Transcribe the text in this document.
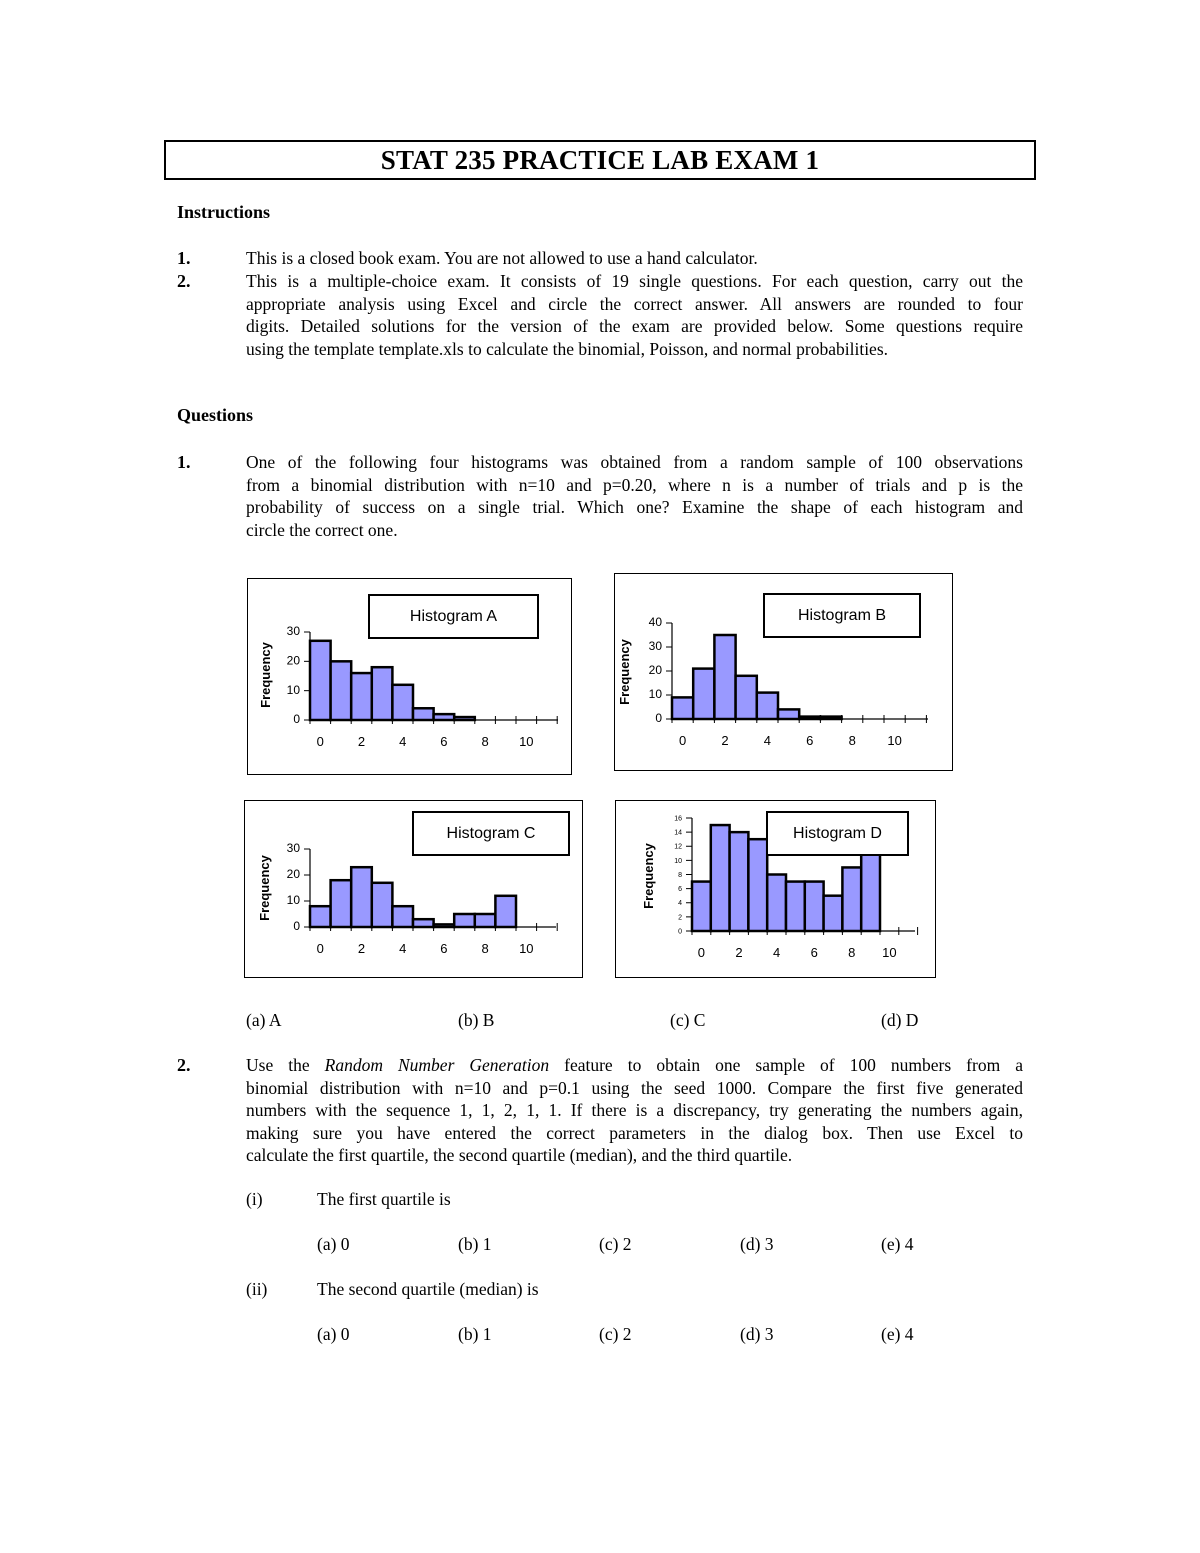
STAT 235 PRACTICE LAB EXAM 1
Instructions
1.	This is a closed book exam. You are not allowed to use a hand calculator.
2.	This is a multiple-choice exam. It consists of 19 single questions. For each question, carry out the
appropriate analysis using Excel and circle the correct answer. All answers are rounded to four
digits. Detailed solutions for the version of the exam are provided below. Some questions require
using the template template.xls to calculate the binomial, Poisson, and normal probabilities.
Questions
1.	One of the following four histograms was obtained from a random sample of 100 observations
from a binomial distribution with n=10 and p=0.20, where n is a number of trials and p is the
probability of success on a single trial. Which one? Examine the shape of each histogram and
circle the correct one.
0
10
20
30
0	2	4	6	8 10
Frequency
Histogram A
0
10
20
30
40
0	2	4	6	8 10
Frequency
Histogram B
0
10
20
30
0	2	4	6	8 10
Frequency
Histogram C
0
2
4
6
8
10
12
14
16
0 2 4 6 8 10
Frequency
Histogram D
(a) A	(b) B	(c) C	(d) D
2.	Use the Random Number Generation feature to obtain one sample of 100 numbers from a
binomial distribution with n=10 and p=0.1 using the seed 1000. Compare the first five generated
numbers with the sequence 1, 1, 2, 1, 1. If there is a discrepancy, try generating the numbers again,
making sure you have entered the correct parameters in the dialog box. Then use Excel to
calculate the first quartile, the second quartile (median), and the third quartile.
(i)	The first quartile is
(a) 0	(b) 1	(c) 2	(d) 3	(e) 4
(ii)	The second quartile (median) is
(a) 0	(b) 1	(c) 2	(d) 3	(e) 4
